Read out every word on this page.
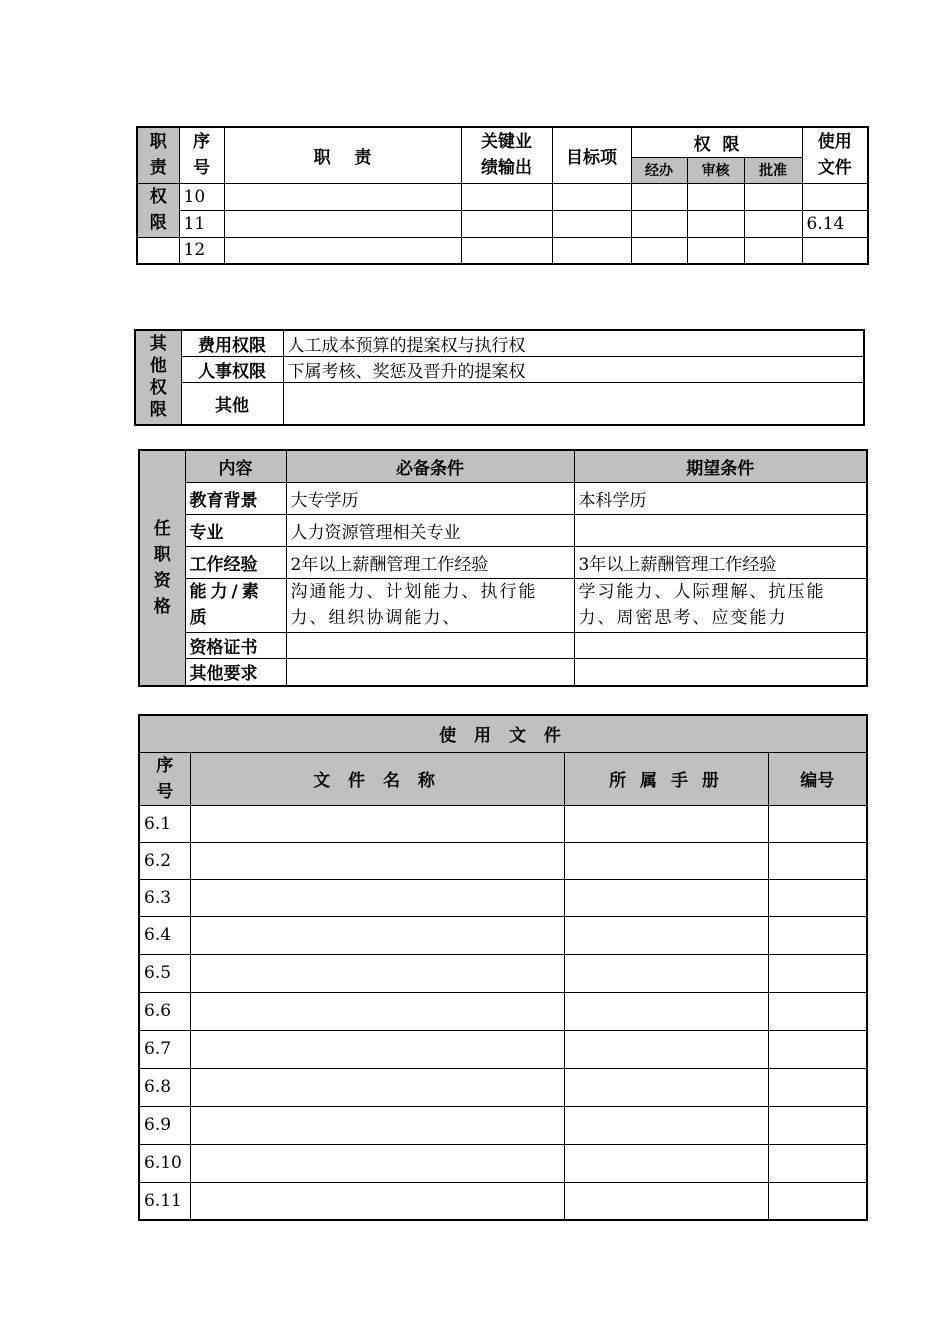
职
责	序
号	职    责	关键业
绩输出	目标项	权  限			使用
文件
					经办	审核	批准	
权
限	10							
	11							6.14
	12							
其
他
权
限	费用权限	人工成本预算的提案权与执行权
	人事权限	下属考核、奖惩及晋升的提案权
	其他	
任
职
资
格	内容	必备条件	期望条件
	教育背景	大专学历	本科学历
	专业	人力资源管理相关专业	
	工作经验	2年以上薪酬管理工作经验	3年以上薪酬管理工作经验
	能力/素质	沟通能力、计划能力、执行能力、组织协调能力、	学习能力、人际理解、抗压能力、周密思考、应变能力
	资格证书		
	其他要求		
使 用 文 件			
序
号	文 件 名 称	所 属 手 册	编号
6.1			
6.2			
6.3			
6.4			
6.5			
6.6			
6.7			
6.8			
6.9			
6.10			
6.11			
